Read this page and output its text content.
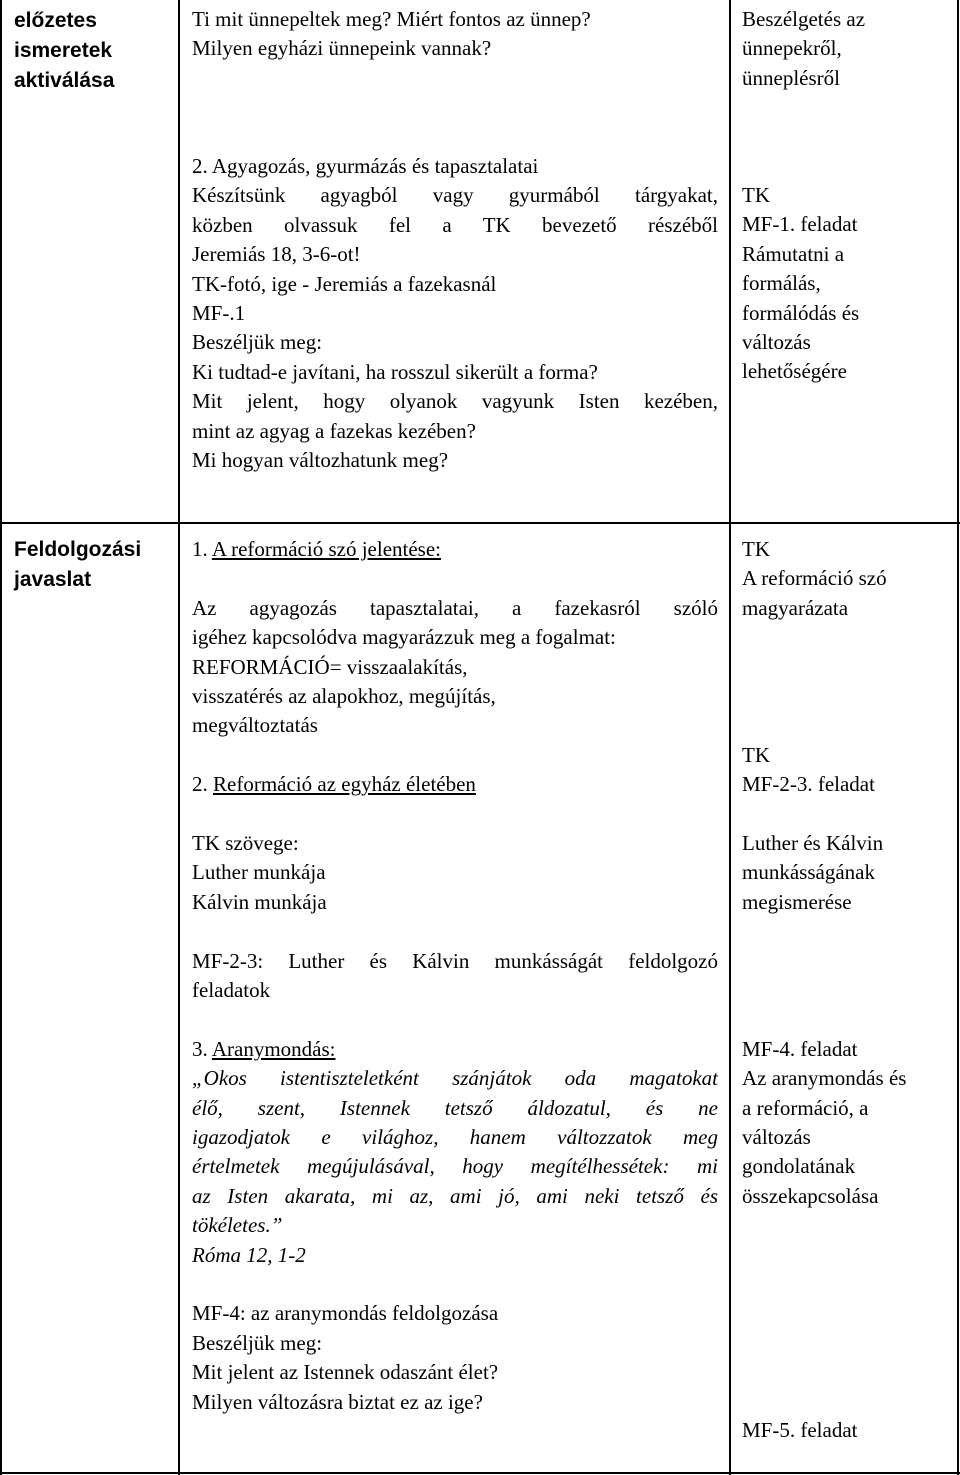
előzetes
ismeretek
aktiválása
Ti mit ünnepeltek meg? Miért fontos az ünnep?
Milyen egyházi ünnepeink vannak?
Beszélgetés az
ünnepekről,
ünneplésről
2. Agyagozás, gyurmázás és tapasztalatai
Készítsünk agyagból vagy gyurmából tárgyakat,
közben olvassuk fel a TK bevezető részéből
Jeremiás 18, 3-6-ot!
TK-fotó, ige - Jeremiás a fazekasnál
MF-.1
Beszéljük meg:
Ki tudtad-e javítani, ha rosszul sikerült a forma?
Mit jelent, hogy olyanok vagyunk Isten kezében,
mint az agyag a fazekas kezében?
Mi hogyan változhatunk meg?
TK
MF-1. feladat
Rámutatni a
formálás,
formálódás és
változás
lehetőségére
Feldolgozási
javaslat
1. A reformáció szó jelentése:
Az agyagozás tapasztalatai, a fazekasról szóló
igéhez kapcsolódva magyarázzuk meg a fogalmat:
REFORMÁCIÓ= visszaalakítás,
visszatérés az alapokhoz, megújítás,
megváltoztatás
2. Reformáció az egyház életében
TK szövege:
Luther munkája
Kálvin munkája
MF-2-3: Luther és Kálvin munkásságát feldolgozó
feladatok
3. Aranymondás:
„Okos istentiszteletként szánjátok oda magatokat
élő, szent, Istennek tetsző áldozatul, és ne
igazodjatok e világhoz, hanem változzatok meg
értelmetek megújulásával, hogy megítélhessétek: mi
az Isten akarata, mi az, ami jó, ami neki tetsző és
tökéletes.”
Róma 12, 1-2
MF-4: az aranymondás feldolgozása
Beszéljük meg:
Mit jelent az Istennek odaszánt élet?
Milyen változásra biztat ez az ige?
TK
A reformáció szó
magyarázata
TK
MF-2-3. feladat
Luther és Kálvin
munkásságának
megismerése
MF-4. feladat
Az aranymondás és
a reformáció, a
változás
gondolatának
összekapcsolása
MF-5. feladat
